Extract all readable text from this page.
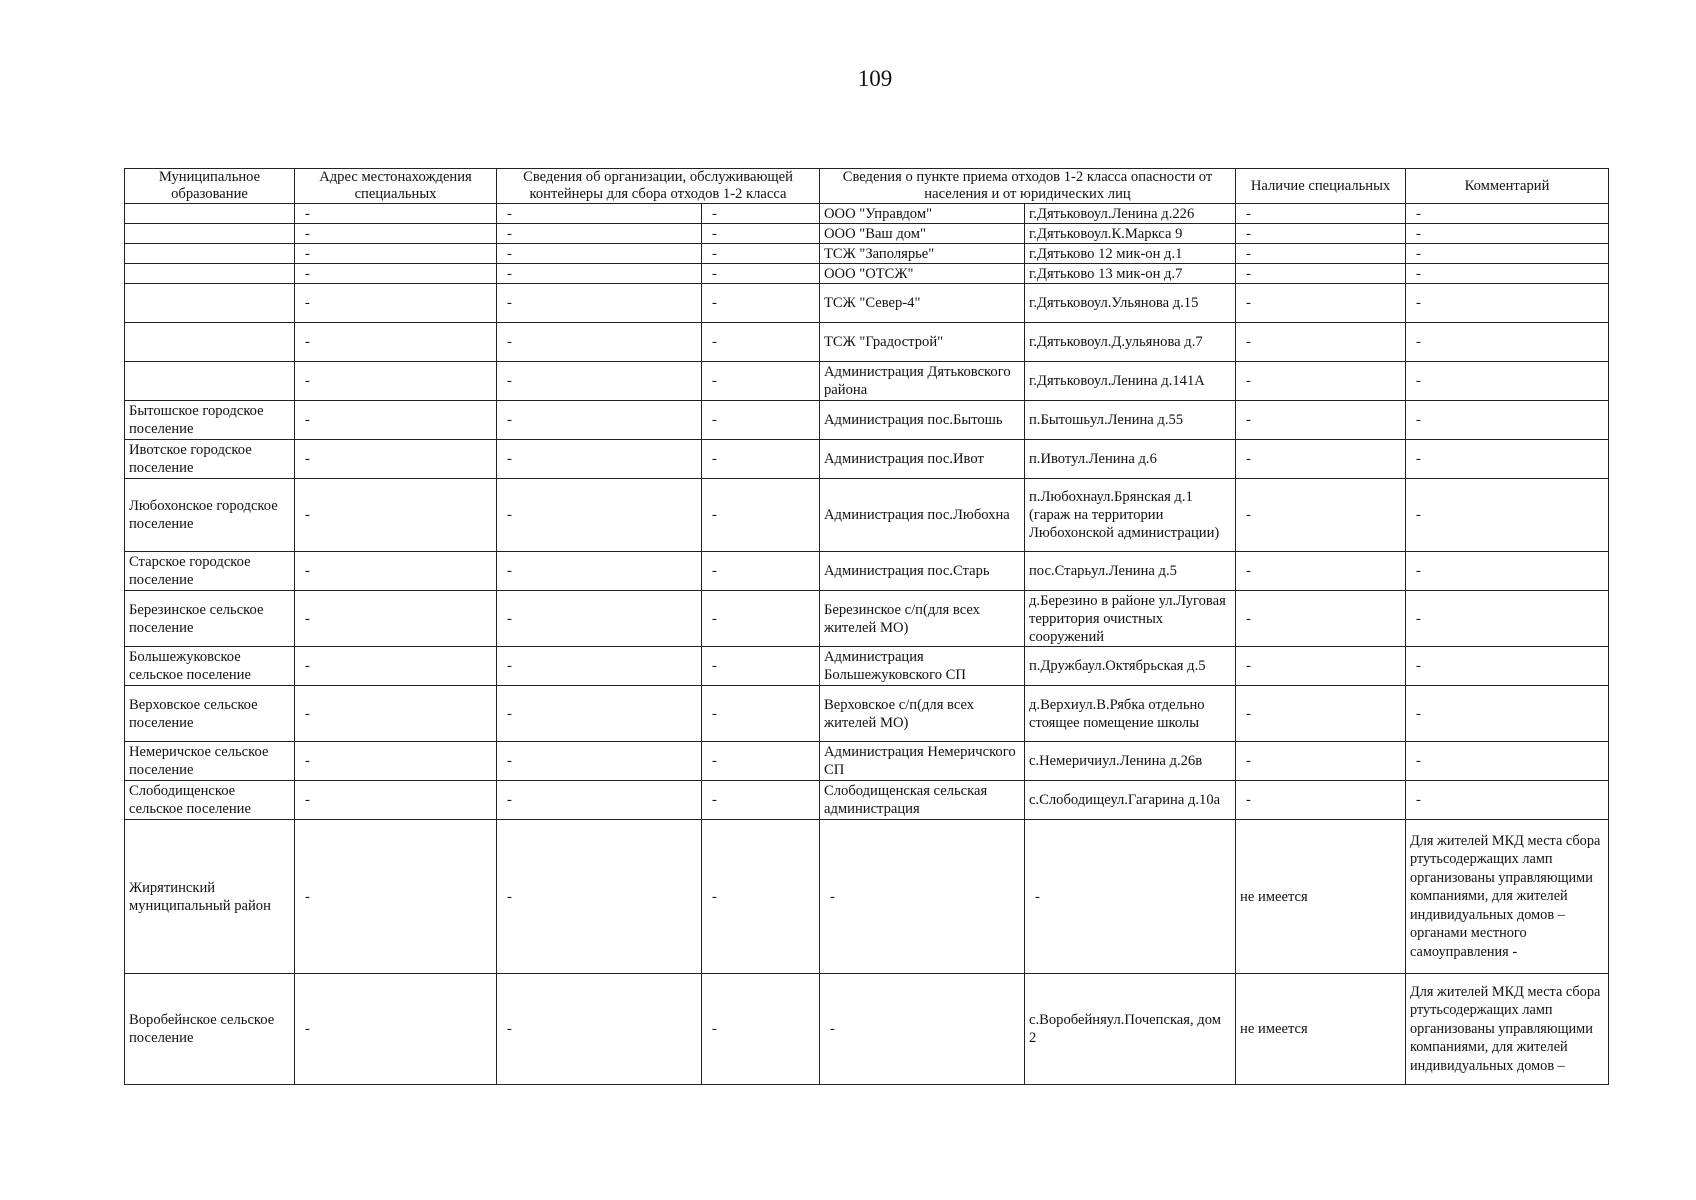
109
Муниципальное образование	Адрес местонахождения специальных	Сведения об организации, обслуживающей контейнеры для сбора отходов 1-2 класса		Сведения о пункте приема отходов 1-2 класса опасности от населения и от юридических лиц		Наличие специальных	Комментарий
	-	-	-	ООО "Управдом"	г.Дятьковоул.Ленина д.226	-	-
	-	-	-	ООО "Ваш дом"	г.Дятьковоул.К.Маркса 9	-	-
	-	-	-	ТСЖ "Заполярье"	г.Дятьково 12 мик-он д.1	-	-
	-	-	-	ООО "ОТСЖ"	г.Дятьково 13 мик-он д.7	-	-
	-	-	-	ТСЖ "Север-4"	г.Дятьковоул.Ульянова д.15	-	-
	-	-	-	ТСЖ "Градострой"	г.Дятьковоул.Д.ульянова д.7	-	-
	-	-	-	Администрация Дятьковского района	г.Дятьковоул.Ленина д.141А	-	-
Бытошское городское поселение	-	-	-	Администрация пос.Бытошь	п.Бытошьул.Ленина д.55	-	-
Ивотское городское поселение	-	-	-	Администрация пос.Ивот	п.Ивотул.Ленина д.6	-	-
Любохонское городское поселение	-	-	-	Администрация пос.Любохна	п.Любохнаул.Брянская д.1 (гараж на территории Любохонской администрации)	-	-
Старское городское поселение	-	-	-	Администрация пос.Старь	пос.Старьул.Ленина д.5	-	-
Березинское сельское поселение	-	-	-	Березинское с/п(для всех жителей МО)	д.Березино в районе ул.Луговая территория очистных сооружений	-	-
Большежуковское сельское поселение	-	-	-	Администрация Большежуковского СП	п.Дружбаул.Октябрьская д.5	-	-
Верховское сельское поселение	-	-	-	Верховское с/п(для всех жителей МО)	д.Верхиул.В.Рябка отдельно стоящее помещение школы	-	-
Немеричское сельское поселение	-	-	-	Администрация Немеричского СП	с.Немеричиул.Ленина д.26в	-	-
Слободищенское сельское поселение	-	-	-	Слободищенская сельская администрация	с.Слободищеул.Гагарина д.10а	-	-
Жирятинский муниципальный район	-	-	-	-	-	не имеется	Для жителей МКД места сбора ртутьсодержащих ламп организованы управляющими компаниями, для жителей индивидуальных домов – органами местного самоуправления -
Воробейнское сельское поселение	-	-	-	-	с.Воробейняул.Почепская, дом 2	не имеется	Для жителей МКД места сбора ртутьсодержащих ламп организованы управляющими компаниями, для жителей индивидуальных домов –
